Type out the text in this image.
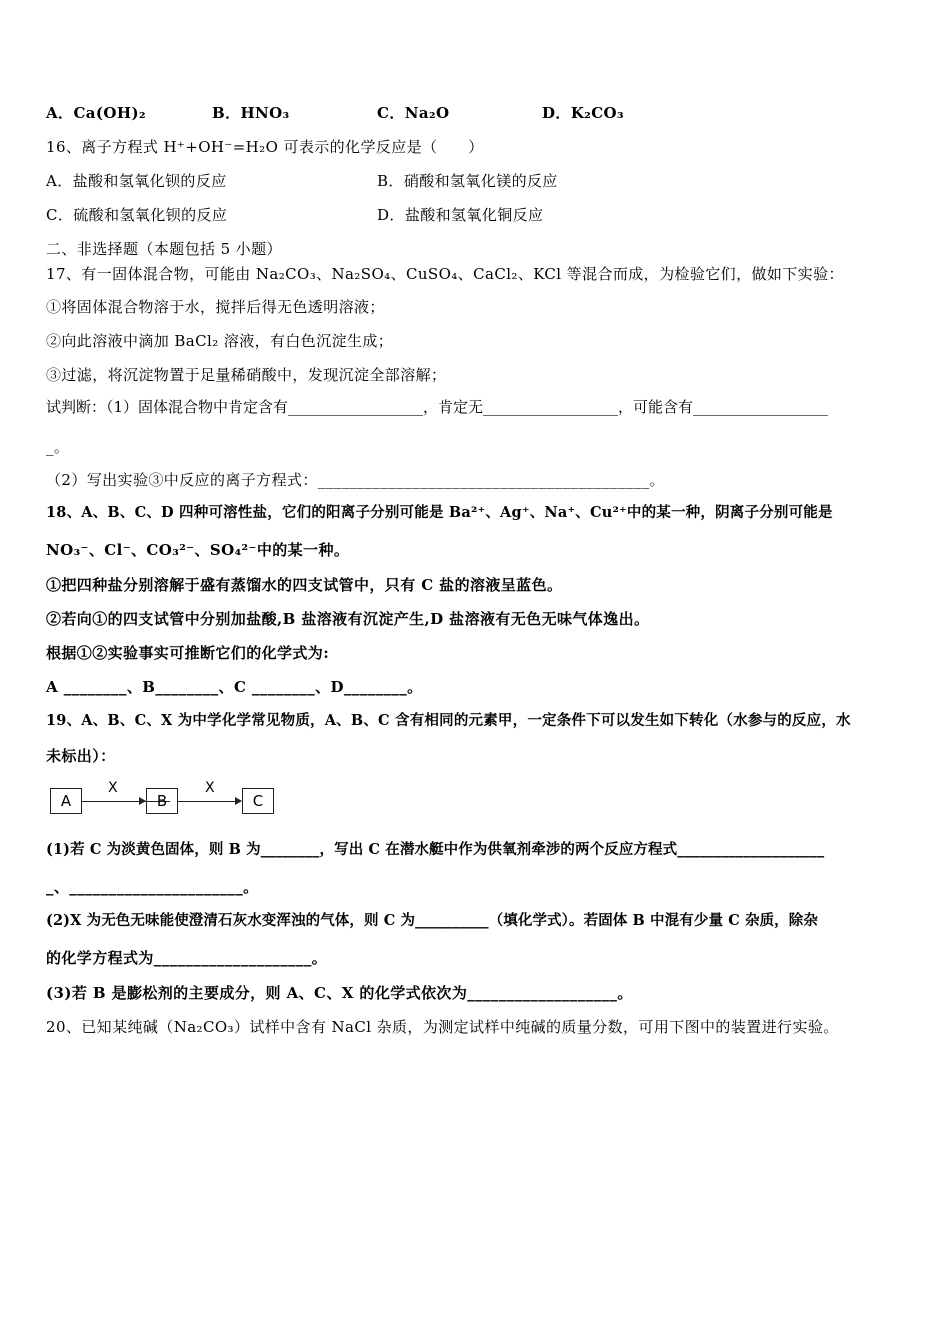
A．Ca(OH)₂	B．HNO₃	C．Na₂O	D．K₂CO₃
16、离子方程式 H⁺+OH⁻=H₂O 可表示的化学反应是（　　）
A．盐酸和氢氧化钡的反应	B．硝酸和氢氧化镁的反应
C．硫酸和氢氧化钡的反应	D．盐酸和氢氧化铜反应
二、非选择题（本题包括 5 小题）
17、有一固体混合物，可能由 Na₂CO₃、Na₂SO₄、CuSO₄、CaCl₂、KCl 等混合而成，为检验它们，做如下实验：
①将固体混合物溶于水，搅拌后得无色透明溶液；
②向此溶液中滴加 BaCl₂ 溶液，有白色沉淀生成；
③过滤，将沉淀物置于足量稀硝酸中，发现沉淀全部溶解；
试判断：（1）固体混合物中肯定含有__________________，肯定无__________________，可能含有__________________
_。
（2）写出实验③中反应的离子方程式：__________________________________________。
18、A、B、C、D 四种可溶性盐，它们的阳离子分别可能是 Ba²⁺、Ag⁺、Na⁺、Cu²⁺中的某一种，阴离子分别可能是
NO₃⁻、Cl⁻、CO₃²⁻、SO₄²⁻中的某一种。
①把四种盐分别溶解于盛有蒸馏水的四支试管中，只有 C 盐的溶液呈蓝色。
②若向①的四支试管中分别加盐酸,B 盐溶液有沉淀产生,D 盐溶液有无色无味气体逸出。
根据①②实验事实可推断它们的化学式为:
A ________、B________、C ________、D________。
19、A、B、C、X 为中学化学常见物质，A、B、C 含有相同的元素甲，一定条件下可以发生如下转化（水参与的反应，水
未标出）：
A
X
B
X
C
(1)若 C 为淡黄色固体，则 B 为________，写出 C 在潜水艇中作为供氧剂牵涉的两个反应方程式____________________
_、______________________。
(2)X 为无色无味能使澄清石灰水变浑浊的气体，则 C 为__________（填化学式）。若固体 B 中混有少量 C 杂质，除杂
的化学方程式为____________________。
(3)若 B 是膨松剂的主要成分，则 A、C、X 的化学式依次为___________________。
20、已知某纯碱（Na₂CO₃）试样中含有 NaCl 杂质，为测定试样中纯碱的质量分数，可用下图中的装置进行实验。
